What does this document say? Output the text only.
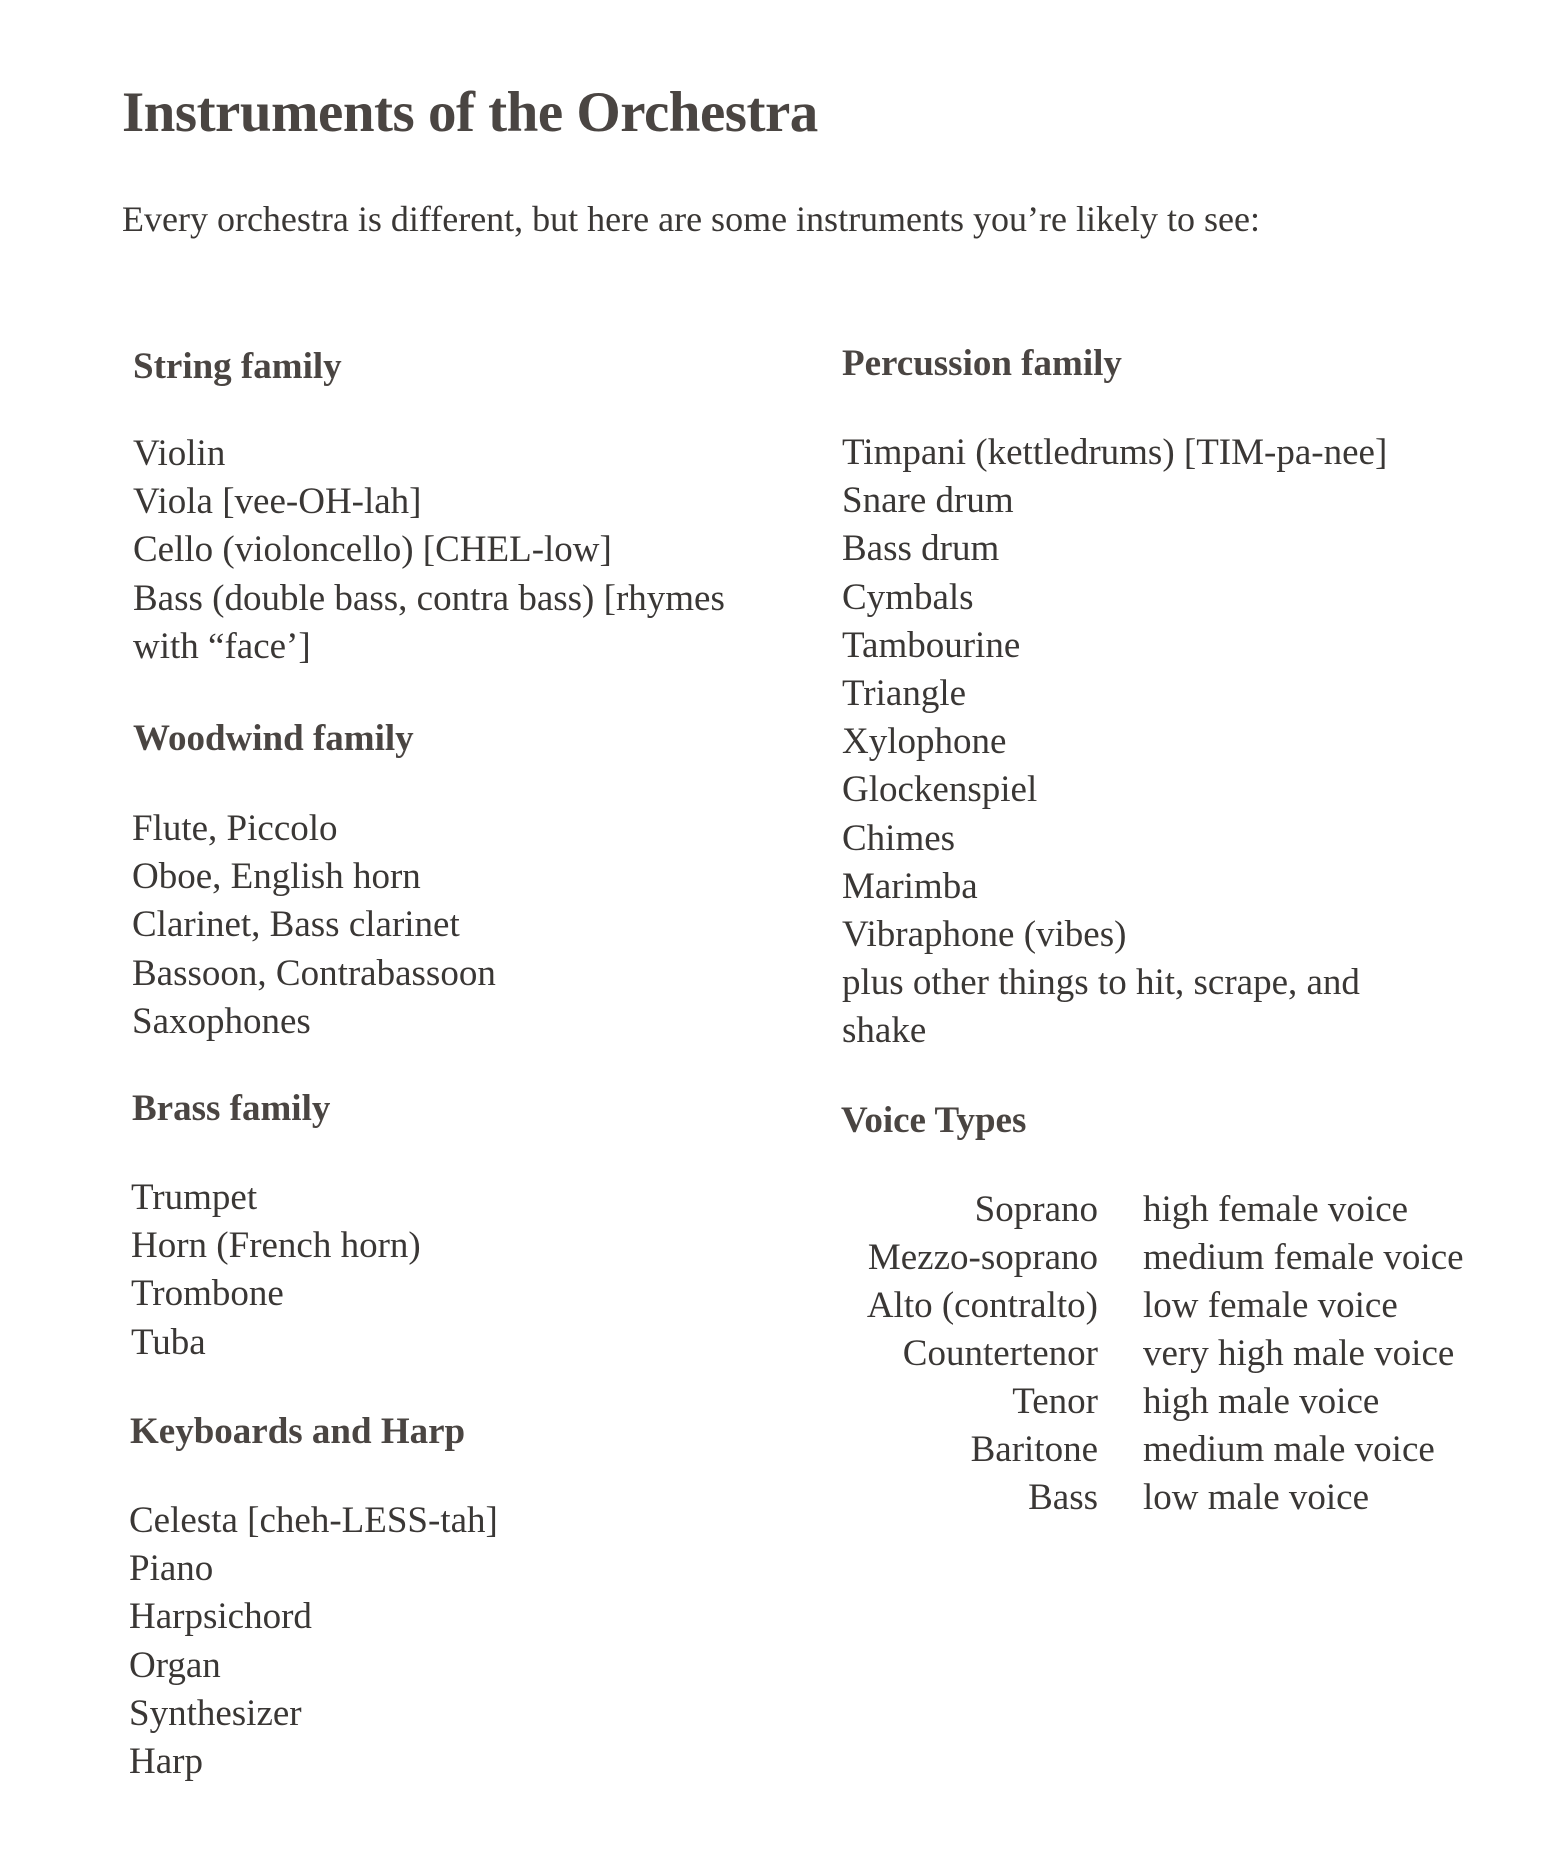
Instruments of the Orchestra

Every orchestra is different, but here are some instruments you’re likely to see:

String family
Violin
Viola [vee-OH-lah]
Cello (violoncello) [CHEL-low]
Bass (double bass, contra bass) [rhymes
with “face’]
Woodwind family
Flute, Piccolo
Oboe, English horn
Clarinet, Bass clarinet
Bassoon, Contrabassoon
Saxophones
Brass family
Trumpet
Horn (French horn)
Trombone
Tuba
Keyboards and Harp
Celesta [cheh-LESS-tah]
Piano
Harpsichord
Organ
Synthesizer
Harp
Percussion family
Timpani (kettledrums) [TIM-pa-nee]
Snare drum
Bass drum
Cymbals
Tambourine
Triangle
Xylophone
Glockenspiel
Chimes
Marimba
Vibraphone (vibes)
plus other things to hit, scrape, and
shake
Voice Types
Soprano high female voice
Mezzo-soprano medium female voice
Alto (contralto) low female voice
Countertenor very high male voice
Tenor high male voice
Baritone medium male voice
Bass low male voice
